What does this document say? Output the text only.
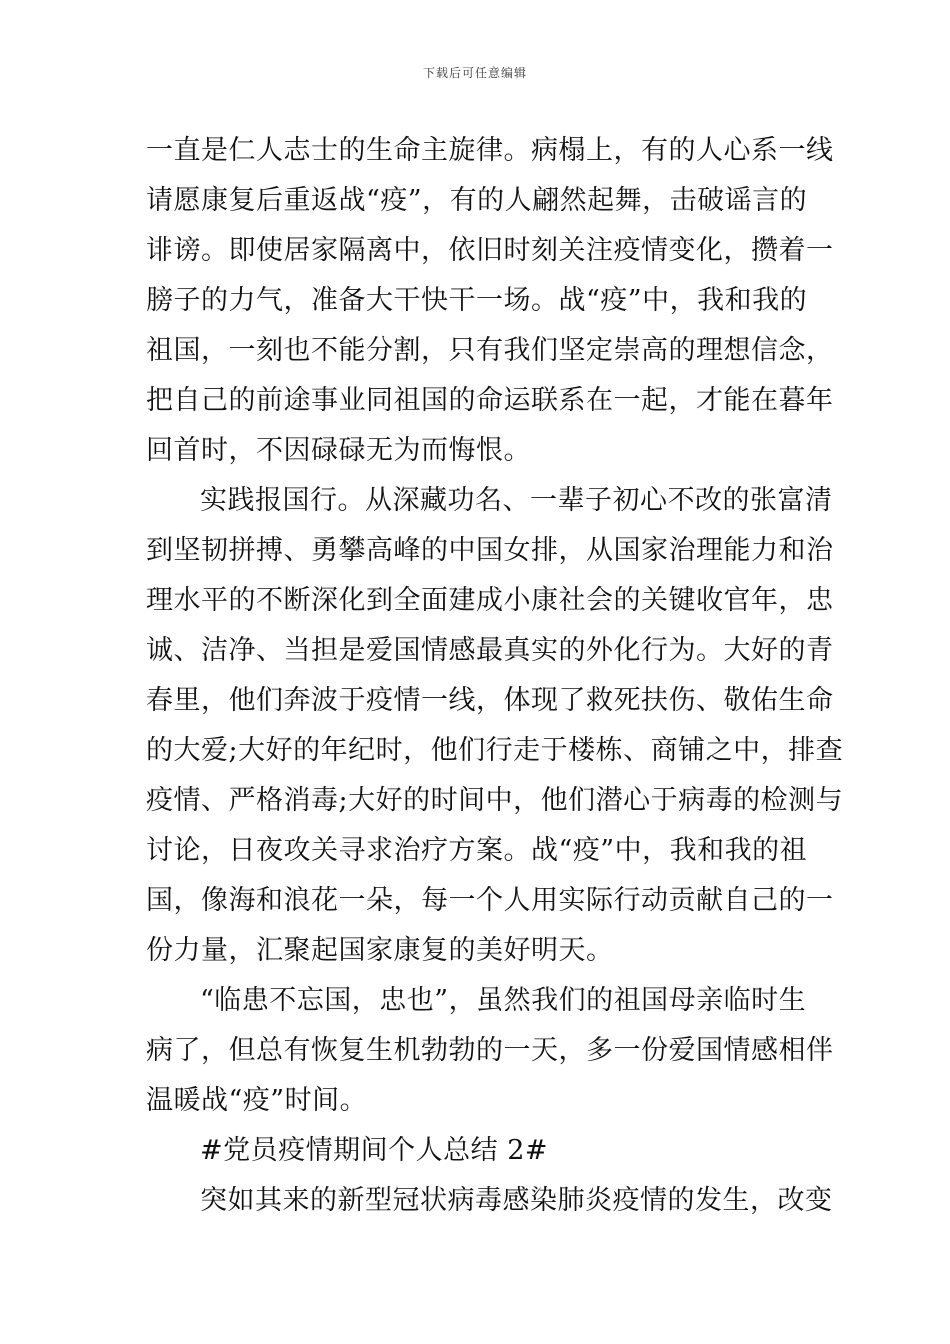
下载后可任意编辑
一直是仁人志士的生命主旋律。病榻上，有的人心系一线
请愿康复后重返战“疫”，有的人翩然起舞，击破谣言的
诽谤。即使居家隔离中，依旧时刻关注疫情变化，攒着一
膀子的力气，准备大干快干一场。战“疫”中，我和我的
祖国，一刻也不能分割，只有我们坚定崇高的理想信念，
把自己的前途事业同祖国的命运联系在一起，才能在暮年
回首时，不因碌碌无为而悔恨。
实践报国行。从深藏功名、一辈子初心不改的张富清
到坚韧拼搏、勇攀高峰的中国女排，从国家治理能力和治
理水平的不断深化到全面建成小康社会的关键收官年，忠
诚、洁净、当担是爱国情感最真实的外化行为。大好的青
春里，他们奔波于疫情一线，体现了救死扶伤、敬佑生命
的大爱;大好的年纪时，他们行走于楼栋、商铺之中，排查
疫情、严格消毒;大好的时间中，他们潜心于病毒的检测与
讨论，日夜攻关寻求治疗方案。战“疫”中，我和我的祖
国，像海和浪花一朵，每一个人用实际行动贡献自己的一
份力量，汇聚起国家康复的美好明天。
“临患不忘国，忠也”，虽然我们的祖国母亲临时生
病了，但总有恢复生机勃勃的一天，多一份爱国情感相伴
温暖战“疫”时间。
#党员疫情期间个人总结 2#
突如其来的新型冠状病毒感染肺炎疫情的发生，改变
